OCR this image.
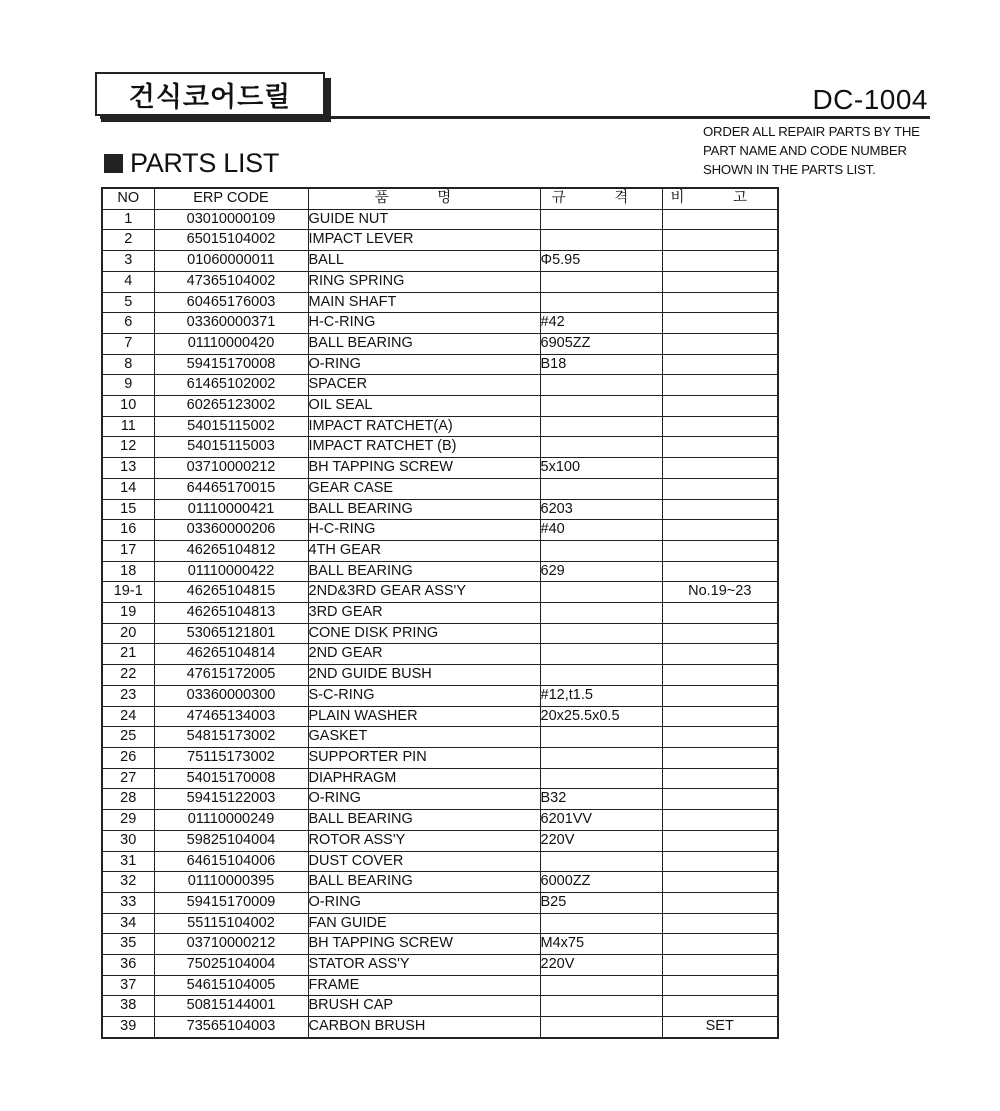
건식코어드릴	DC-1004
ORDER ALL REPAIR PARTS BY THE
PART NAME AND CODE NUMBER
SHOWN IN THE PARTS LIST.
PARTS LIST
NO	ERP CODE	품 명	규 격	비 고
1	03010000109	GUIDE NUT		
2	65015104002	IMPACT LEVER		
3	01060000011	BALL	Φ5.95	
4	47365104002	RING SPRING		
5	60465176003	MAIN SHAFT		
6	03360000371	H-C-RING	#42	
7	01110000420	BALL BEARING	6905ZZ	
8	59415170008	O-RING	B18	
9	61465102002	SPACER		
10	60265123002	OIL SEAL		
11	54015115002	IMPACT RATCHET(A)		
12	54015115003	IMPACT RATCHET (B)		
13	03710000212	BH TAPPING SCREW	5x100	
14	64465170015	GEAR CASE		
15	01110000421	BALL BEARING	6203	
16	03360000206	H-C-RING	#40	
17	46265104812	4TH GEAR		
18	01110000422	BALL BEARING	629	
19-1	46265104815	2ND&3RD GEAR ASS'Y		No.19~23
19	46265104813	3RD GEAR		
20	53065121801	CONE DISK PRING		
21	46265104814	2ND GEAR		
22	47615172005	2ND GUIDE BUSH		
23	03360000300	S-C-RING	#12,t1.5	
24	47465134003	PLAIN WASHER	20x25.5x0.5	
25	54815173002	GASKET		
26	75115173002	SUPPORTER PIN		
27	54015170008	DIAPHRAGM		
28	59415122003	O-RING	B32	
29	01110000249	BALL BEARING	6201VV	
30	59825104004	ROTOR ASS'Y	220V	
31	64615104006	DUST COVER		
32	01110000395	BALL BEARING	6000ZZ	
33	59415170009	O-RING	B25	
34	55115104002	FAN GUIDE		
35	03710000212	BH TAPPING SCREW	M4x75	
36	75025104004	STATOR ASS'Y	220V	
37	54615104005	FRAME		
38	50815144001	BRUSH CAP		
39	73565104003	CARBON BRUSH		SET
